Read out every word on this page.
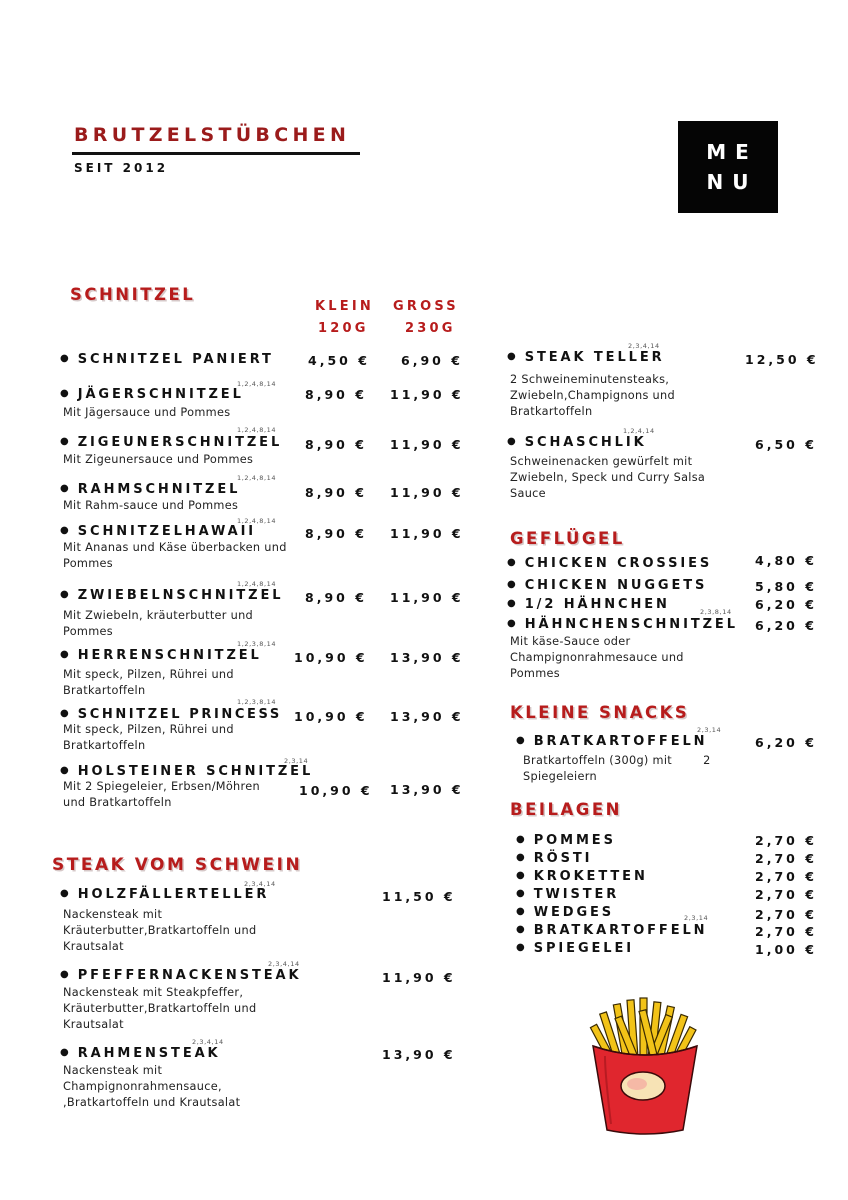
BRUTZELSTÜBCHEN
SEIT 2012
ME
NU
SCHNITZEL
KLEIN GROSS
120G	230G
● SCHNITZEL PANIERT	4,50 € 6,90 €
1,2,4,8,14
● JÄGERSCHNITZEL	8,90 € 11,90 €
Mit Jägersauce und Pommes
1,2,4,8,14
● ZIGEUNERSCHNITZEL 8,90 € 11,90 €
Mit Zigeunersauce und Pommes
1,2,4,8,14
● RAHMSCHNITZEL	8,90 € 11,90 €
Mit Rahm-sauce und Pommes
1,2,4,8,14
● SCHNITZELHAWAII	8,90 € 11,90 €
Mit Ananas und Käse überbacken und Pommes
1,2,4,8,14
● ZWIEBELNSCHNITZEL 8,90 € 11,90 €
Mit Zwiebeln, kräuterbutter und Pommes
1,2,3,8,14
● HERRENSCHNITZEL	10,90 € 13,90 €
Mit speck, Pilzen, Rührei und Bratkartoffeln
1,2,3,8,14
● SCHNITZEL PRINCESS 10,90 € 13,90 €
Mit speck, Pilzen, Rührei und Bratkartoffeln
2,3,14
● HOLSTEINER SCHNITZEL
10,90 € 13,90 €
Mit 2 Spiegeleier, Erbsen/Möhren und Bratkartoffeln
STEAK VOM SCHWEIN
2,3,4,14
● HOLZFÄLLERTELLER	11,50 €
Nackensteak mit Kräuterbutter,Bratkartoffeln und Krautsalat
2,3,4,14
● PFEFFERNACKENSTEAK	11,90 €
Nackensteak mit Steakpfeffer, Kräuterbutter,Bratkartoffeln und Krautsalat
2,3,4,14
● RAHMENSTEAK	13,90 €
Nackensteak mit Champignonrahmensauce, ,Bratkartoffeln und Krautsalat
2,3,4,14
● STEAK TELLER	12,50 €
2 Schweineminutensteaks, Zwiebeln,Champignons und Bratkartoffeln
1,2,4,14
● SCHASCHLIK	6,50 €
Schweinenacken gewürfelt mit Zwiebeln, Speck und Curry Salsa Sauce
GEFLÜGEL
● CHICKEN CROSSIES	4,80 €
● CHICKEN NUGGETS	5,80 €
● 1/2 HÄHNCHEN	2,3,8,14 6,20 €
● HÄHNCHENSCHNITZEL 6,20 €
Mit käse-Sauce oder Champignonrahmesauce und Pommes
KLEINE SNACKS
2,3,14
● BRATKARTOFFELN	6,20 €
Bratkartoffeln (300g) mit        2 Spiegeleiern
BEILAGEN
● POMMES	2,70 €
● RÖSTI	2,70 €
● KROKETTEN	2,70 €
● TWISTER	2,70 €
● WEDGES	2,3,14	2,70 €
● BRATKARTOFFELN	2,70 €
● SPIEGELEI	1,00 €
